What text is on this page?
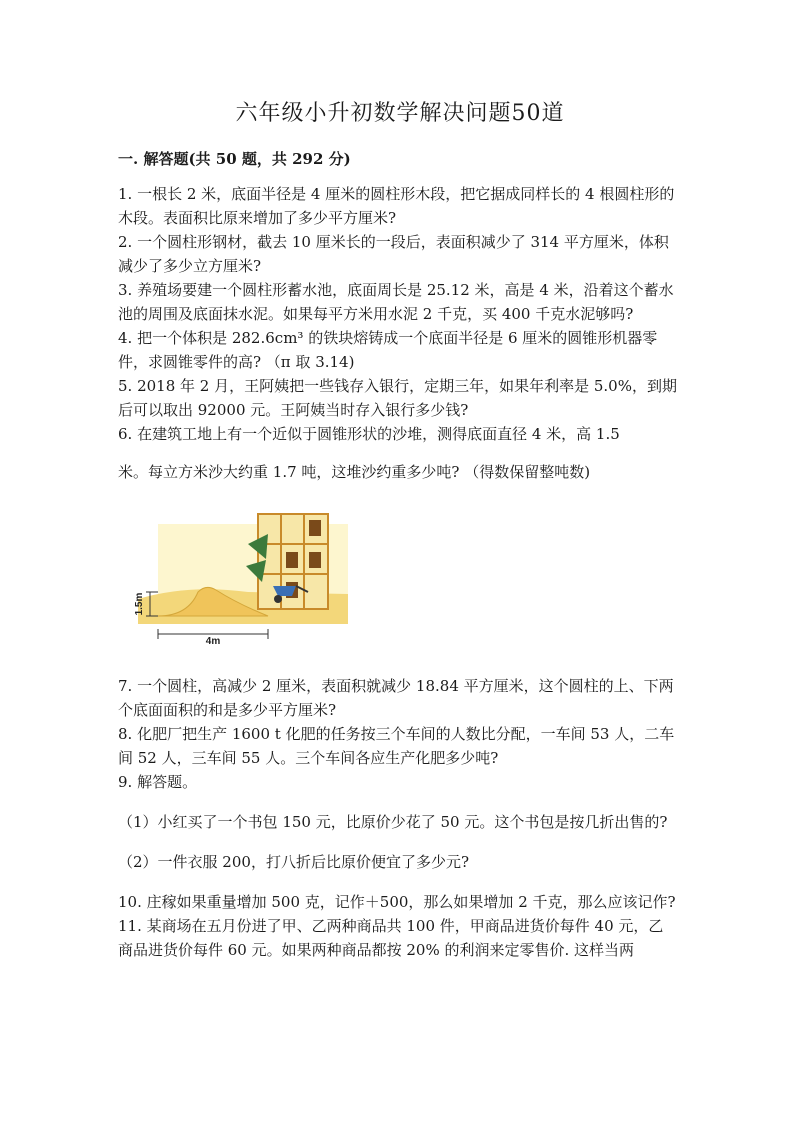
六年级小升初数学解决问题50道
一. 解答题(共 50 题，共 292 分)

1. 一根长 2 米，底面半径是 4 厘米的圆柱形木段，把它据成同样长的 4 根圆柱形的木段。表面积比原来增加了多少平方厘米?

2. 一个圆柱形钢材，截去 10 厘米长的一段后，表面积减少了 314 平方厘米，体积减少了多少立方厘米?

3. 养殖场要建一个圆柱形蓄水池，底面周长是 25.12 米，高是 4 米，沿着这个蓄水池的周围及底面抹水泥。如果每平方米用水泥 2 千克，买 400 千克水泥够吗?

4. 把一个体积是 282.6cm³ 的铁块熔铸成一个底面半径是 6 厘米的圆锥形机器零件，求圆锥零件的高? （π 取 3.14)

5. 2018 年 2 月，王阿姨把一些钱存入银行，定期三年，如果年利率是 5.0%，到期后可以取出 92000 元。王阿姨当时存入银行多少钱?

6. 在建筑工地上有一个近似于圆锥形状的沙堆，测得底面直径 4 米，高 1.5

米。每立方米沙大约重 1.7 吨，这堆沙约重多少吨? （得数保留整吨数)

1.5m
4m

7. 一个圆柱，高减少 2 厘米，表面积就减少 18.84 平方厘米，这个圆柱的上、下两个底面面积的和是多少平方厘米?

8. 化肥厂把生产 1600 t 化肥的任务按三个车间的人数比分配，一车间 53 人，二车间 52 人，三车间 55 人。三个车间各应生产化肥多少吨?

9. 解答题。

（1）小红买了一个书包 150 元，比原价少花了 50 元。这个书包是按几折出售的?

（2）一件衣服 200，打八折后比原价便宜了多少元?

10. 庄稼如果重量增加 500 克，记作＋500，那么如果增加 2 千克，那么应该记作?

11. 某商场在五月份进了甲、乙两种商品共 100 件，甲商品进货价每件 40 元，乙商品进货价每件 60 元。如果两种商品都按 20% 的利润来定零售价. 这样当两
